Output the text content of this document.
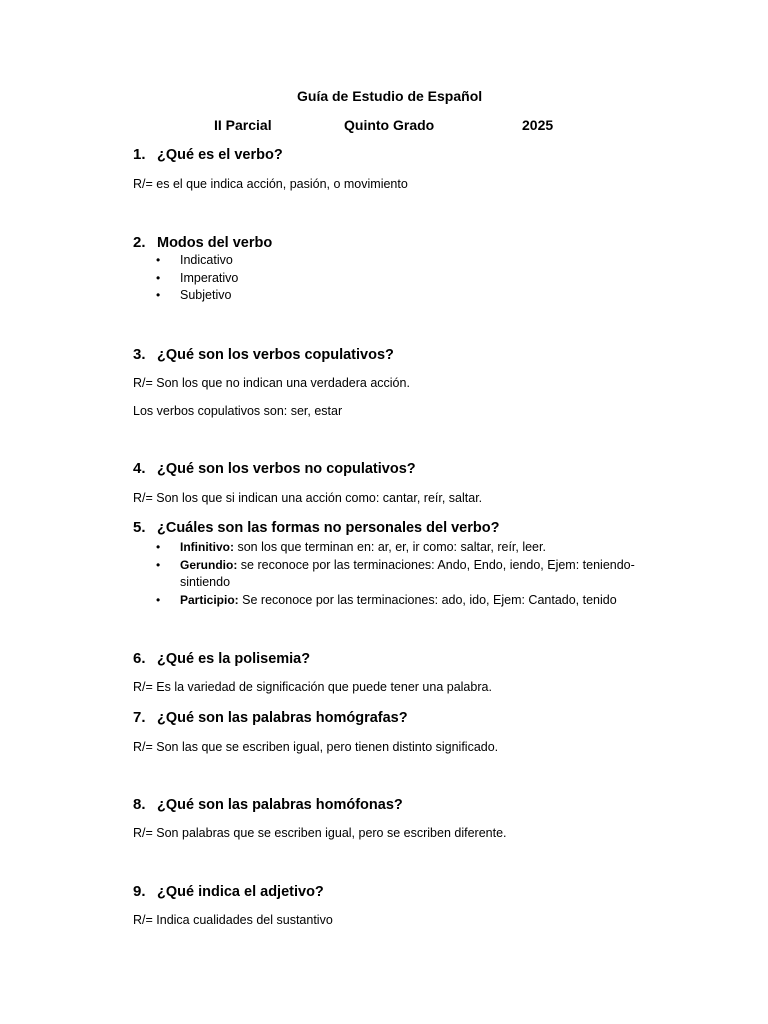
Guía de Estudio de Español
II Parcial	Quinto Grado	2025
1. ¿Qué es el verbo?
R/= es el que indica acción, pasión, o movimiento
2. Modos del verbo
• Indicativo
• Imperativo
• Subjetivo
3. ¿Qué son los verbos copulativos?
R/= Son los que no indican una verdadera acción.
Los verbos copulativos son: ser, estar
4. ¿Qué son los verbos no copulativos?
R/= Son los que si indican una acción como: cantar, reír, saltar.
5. ¿Cuáles son las formas no personales del verbo?
• Infinitivo: son los que terminan en: ar, er, ir como: saltar, reír, leer.
• Gerundio: se reconoce por las terminaciones: Ando, Endo, iendo, Ejem: teniendo-
sintiendo
• Participio: Se reconoce por las terminaciones: ado, ido, Ejem: Cantado, tenido
6. ¿Qué es la polisemia?
R/= Es la variedad de significación que puede tener una palabra.
7. ¿Qué son las palabras homógrafas?
R/= Son las que se escriben igual, pero tienen distinto significado.
8. ¿Qué son las palabras homófonas?
R/= Son palabras que se escriben igual, pero se escriben diferente.
9. ¿Qué indica el adjetivo?
R/= Indica cualidades del sustantivo
